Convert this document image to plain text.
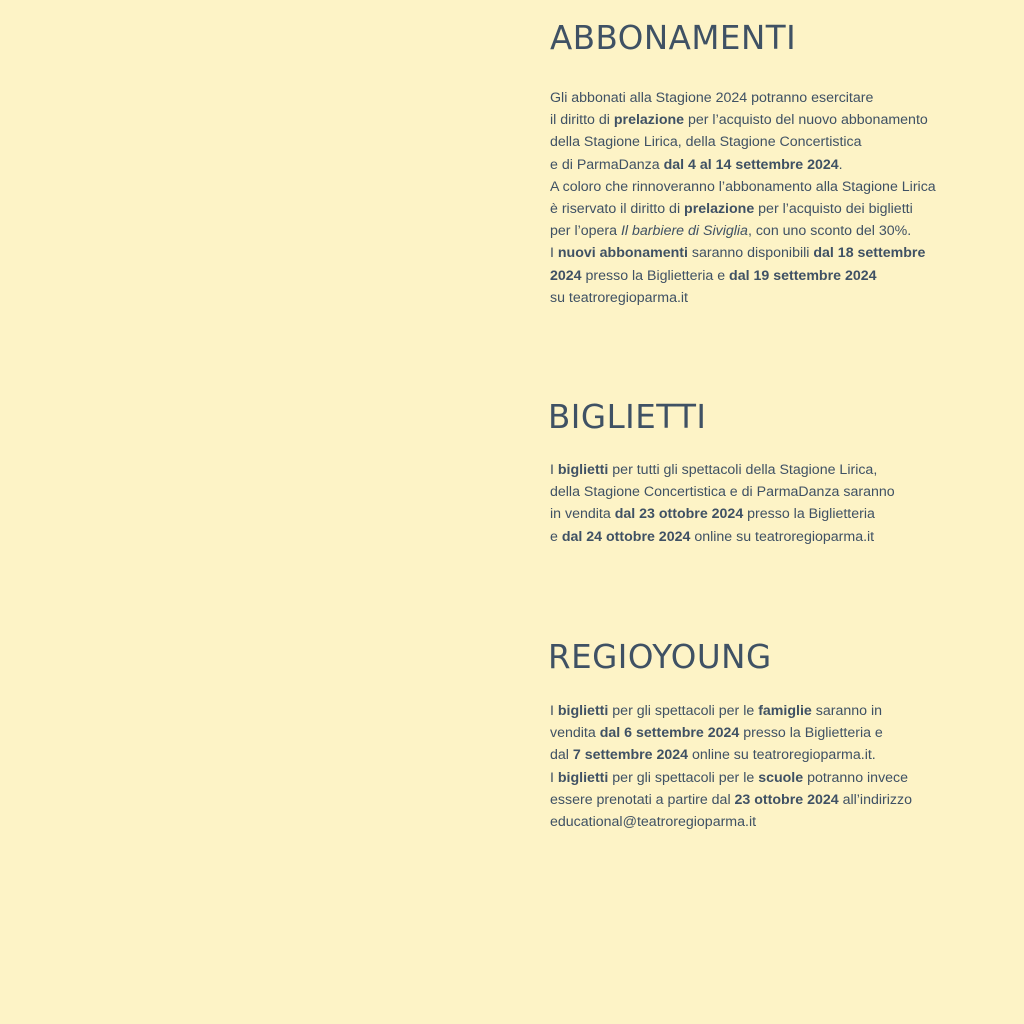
ABBONAMENTI

Gli abbonati alla Stagione 2024 potranno esercitare
il diritto di prelazione per l’acquisto del nuovo abbonamento
della Stagione Lirica, della Stagione Concertistica
e di ParmaDanza dal 4 al 14 settembre 2024.
A coloro che rinnoveranno l’abbonamento alla Stagione Lirica
è riservato il diritto di prelazione per l’acquisto dei biglietti
per l’opera Il barbiere di Siviglia, con uno sconto del 30%.
I nuovi abbonamenti saranno disponibili dal 18 settembre
2024 presso la Biglietteria e dal 19 settembre 2024
su teatroregioparma.it

BIGLIETTI

I biglietti per tutti gli spettacoli della Stagione Lirica,
della Stagione Concertistica e di ParmaDanza saranno
in vendita dal 23 ottobre 2024 presso la Biglietteria
e dal 24 ottobre 2024 online su teatroregioparma.it

REGIOYOUNG

I biglietti per gli spettacoli per le famiglie saranno in
vendita dal 6 settembre 2024 presso la Biglietteria e
dal 7 settembre 2024 online su teatroregioparma.it.
I biglietti per gli spettacoli per le scuole potranno invece
essere prenotati a partire dal 23 ottobre 2024 all’indirizzo
educational@teatroregioparma.it
